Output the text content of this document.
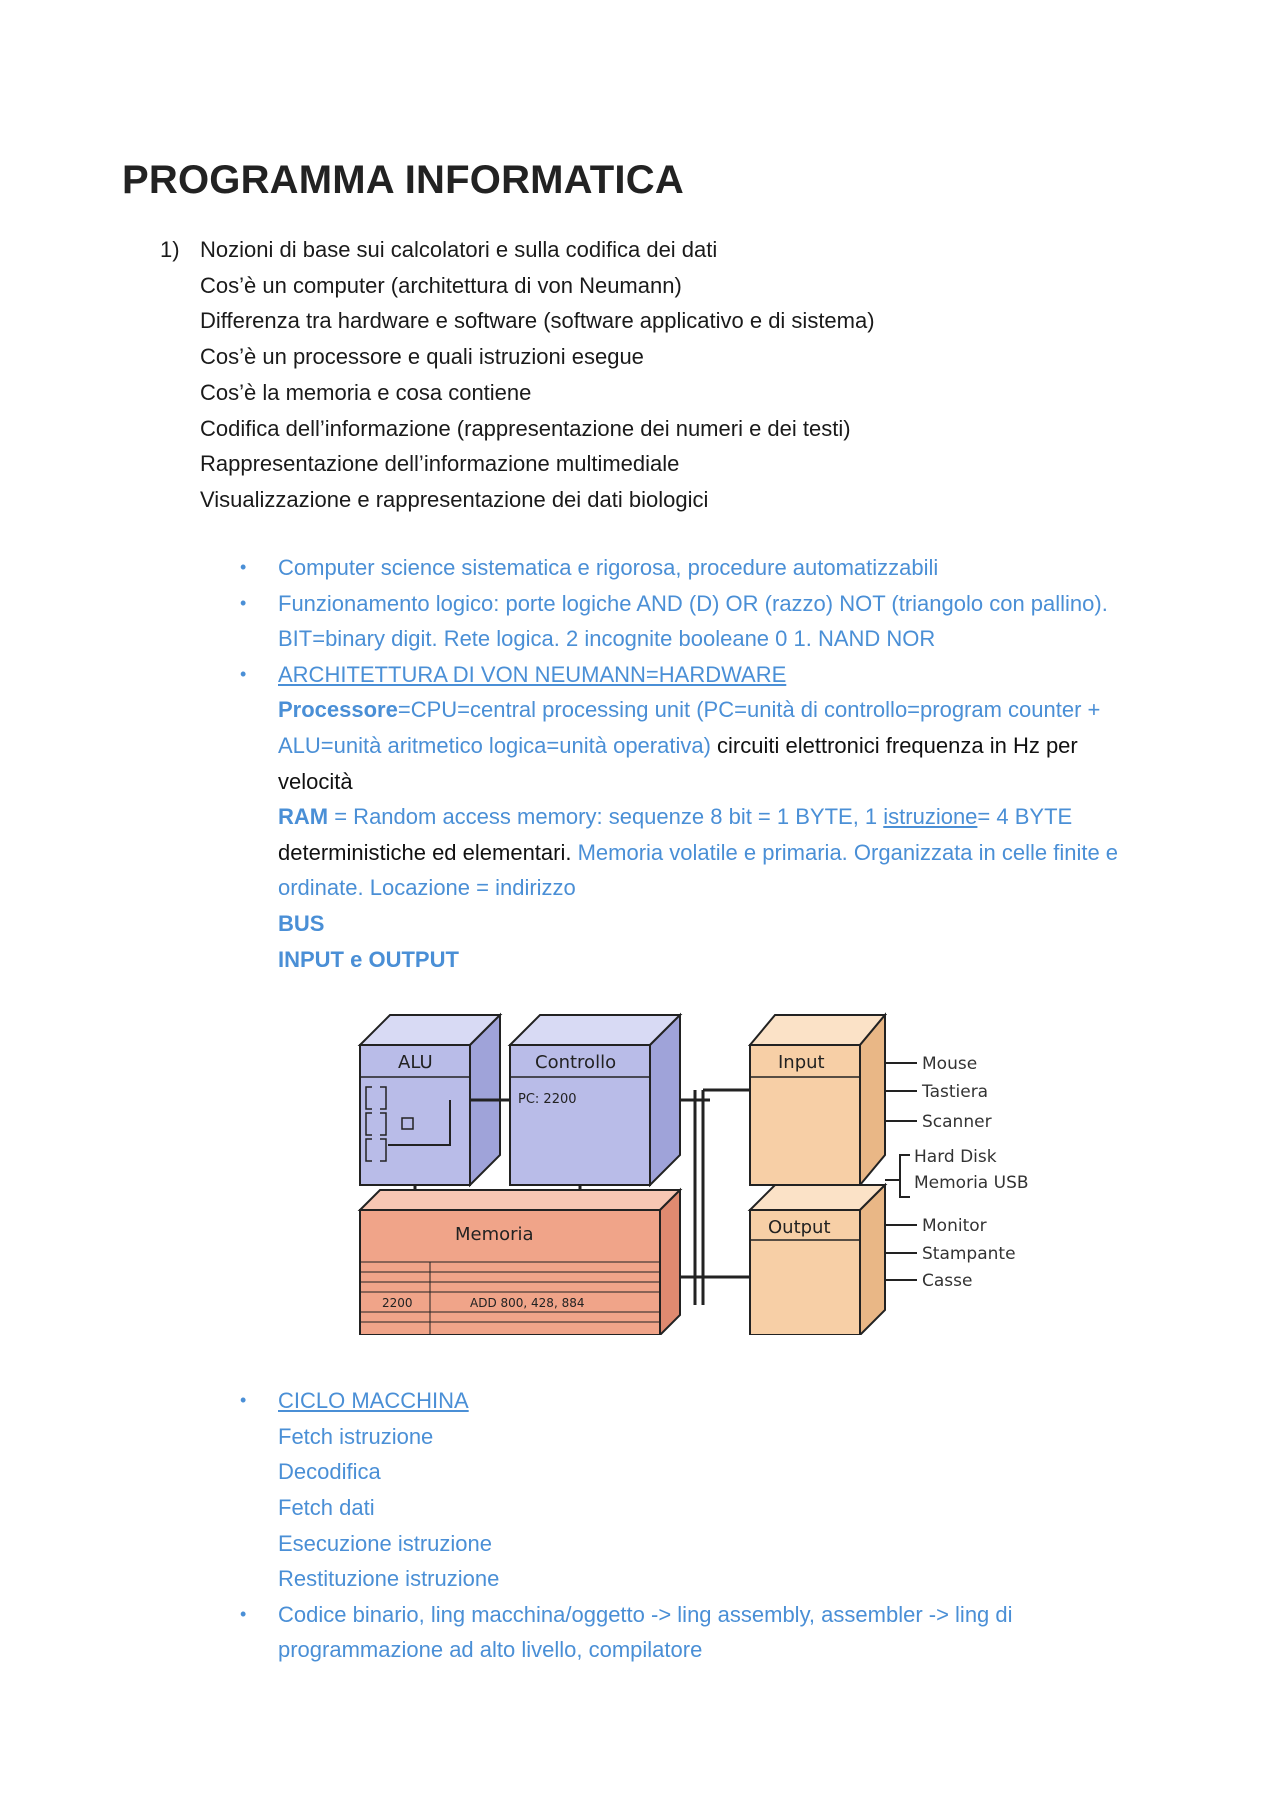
PROGRAMMA INFORMATICA
1) Nozioni di base sui calcolatori e sulla codifica dei dati
Cos’è un computer (architettura di von Neumann)
Differenza tra hardware e software (software applicativo e di sistema)
Cos’è un processore e quali istruzioni esegue
Cos’è la memoria e cosa contiene
Codifica dell’informazione (rappresentazione dei numeri e dei testi)
Rappresentazione dell’informazione multimediale
Visualizzazione e rappresentazione dei dati biologici
• Computer science sistematica e rigorosa, procedure automatizzabili
• Funzionamento logico: porte logiche AND (D) OR (razzo) NOT (triangolo con pallino). BIT=binary digit. Rete logica. 2 incognite booleane 0 1. NAND NOR
• ARCHITETTURA DI VON NEUMANN=HARDWARE
Processore=CPU=central processing unit (PC=unità di controllo=program counter + ALU=unità aritmetico logica=unità operativa) circuiti elettronici frequenza in Hz per velocità
RAM = Random access memory: sequenze 8 bit = 1 BYTE, 1 istruzione= 4 BYTE deterministiche ed elementari. Memoria volatile e primaria. Organizzata in celle finite e ordinate. Locazione = indirizzo
BUS
INPUT e OUTPUT
• CICLO MACCHINA
Fetch istruzione
Decodifica
Fetch dati
Esecuzione istruzione
Restituzione istruzione
• Codice binario, ling macchina/oggetto -> ling assembly, assembler -> ling di programmazione ad alto livello, compilatore
ALU	Controllo
PC: 2200
Memoria
2200	ADD 800, 428, 884
Input
Output
Mouse
Tastiera
Scanner
Hard Disk
Memoria USB
Monitor
Stampante
Casse
